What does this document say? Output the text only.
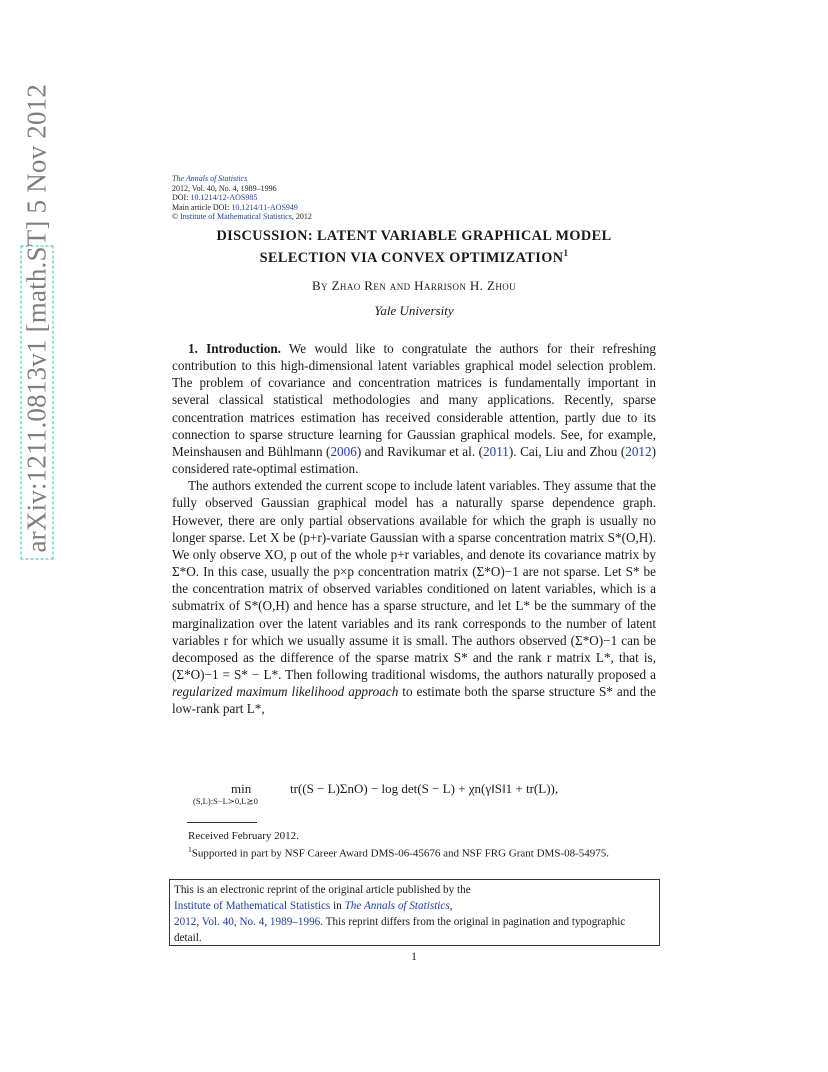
arXiv:1211.0813v1 [math.ST] 5 Nov 2012	The Annals of Statistics
2012, Vol. 40, No. 4, 1989–1996
DOI: 10.1214/12-AOS985
Main article DOI: 10.1214/11-AOS949
© Institute of Mathematical Statistics, 2012
DISCUSSION: LATENT VARIABLE GRAPHICAL MODEL
SELECTION VIA CONVEX OPTIMIZATION$^1$
By Zhao Ren and Harrison H. Zhou
Yale University

1. Introduction. We would like to congratulate the authors for their refreshing contribution to this high-dimensional latent variables graphical model selection problem. The problem of covariance and concentration matrices is fundamentally important in several classical statistical methodologies and many applications. Recently, sparse concentration matrices estimation has received considerable attention, partly due to its connection to sparse structure learning for Gaussian graphical models. See, for example, Meinshausen and Bühlmann (2006) and Ravikumar et al. (2011). Cai, Liu and Zhou (2012) considered rate-optimal estimation.

The authors extended the current scope to include latent variables. They assume that the fully observed Gaussian graphical model has a naturally sparse dependence graph. However, there are only partial observations available for which the graph is usually no longer sparse. Let X be (p+r)-variate Gaussian with a sparse concentration matrix S*(O,H). We only observe XO, p out of the whole p+r variables, and denote its covariance matrix by Σ*O. In this case, usually the p×p concentration matrix (Σ*O)−1 are not sparse. Let S* be the concentration matrix of observed variables conditioned on latent variables, which is a submatrix of S*(O,H) and hence has a sparse structure, and let L* be the summary of the marginalization over the latent variables and its rank corresponds to the number of latent variables r for which we usually assume it is small. The authors observed (Σ*O)−1 can be decomposed as the difference of the sparse matrix S* and the rank r matrix L*, that is, (Σ*O)−1 = S* − L*. Then following traditional wisdoms, the authors naturally proposed a regularized maximum likelihood approach to estimate both the sparse structure S* and the low-rank part L*,

min
(S,L):S−L≻0,L⪰0
tr((S − L)ΣnO) − log det(S − L) + χn(γ‖S‖1 + tr(L)),
Received February 2012.
$^1$Supported in part by NSF Career Award DMS-06-45676 and NSF FRG Grant DMS-08-54975.
This is an electronic reprint of the original article published by the
Institute of Mathematical Statistics in The Annals of Statistics,
2012, Vol. 40, No. 4, 1989–1996. This reprint differs from the original in pagination and typographic detail.
1
